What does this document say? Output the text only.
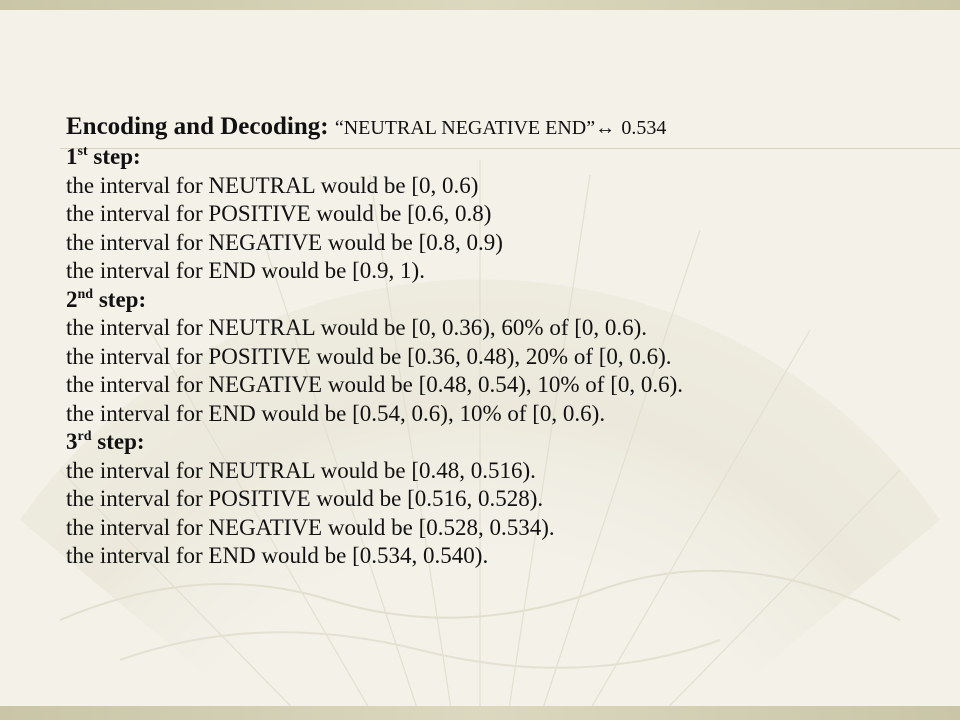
Encoding and Decoding: “NEUTRAL NEGATIVE END”↔ 0.534
1st step:
the interval for NEUTRAL would be [0, 0.6)
the interval for POSITIVE would be [0.6, 0.8)
the interval for NEGATIVE would be [0.8, 0.9)
the interval for END would be [0.9, 1).
2nd step:
the interval for NEUTRAL would be [0, 0.36), 60% of [0, 0.6).
the interval for POSITIVE would be [0.36, 0.48), 20% of [0, 0.6).
the interval for NEGATIVE would be [0.48, 0.54), 10% of [0, 0.6).
the interval for END would be [0.54, 0.6), 10% of [0, 0.6).
3rd step:
the interval for NEUTRAL would be [0.48, 0.516).
the interval for POSITIVE would be [0.516, 0.528).
the interval for NEGATIVE would be [0.528, 0.534).
the interval for END would be [0.534, 0.540).
